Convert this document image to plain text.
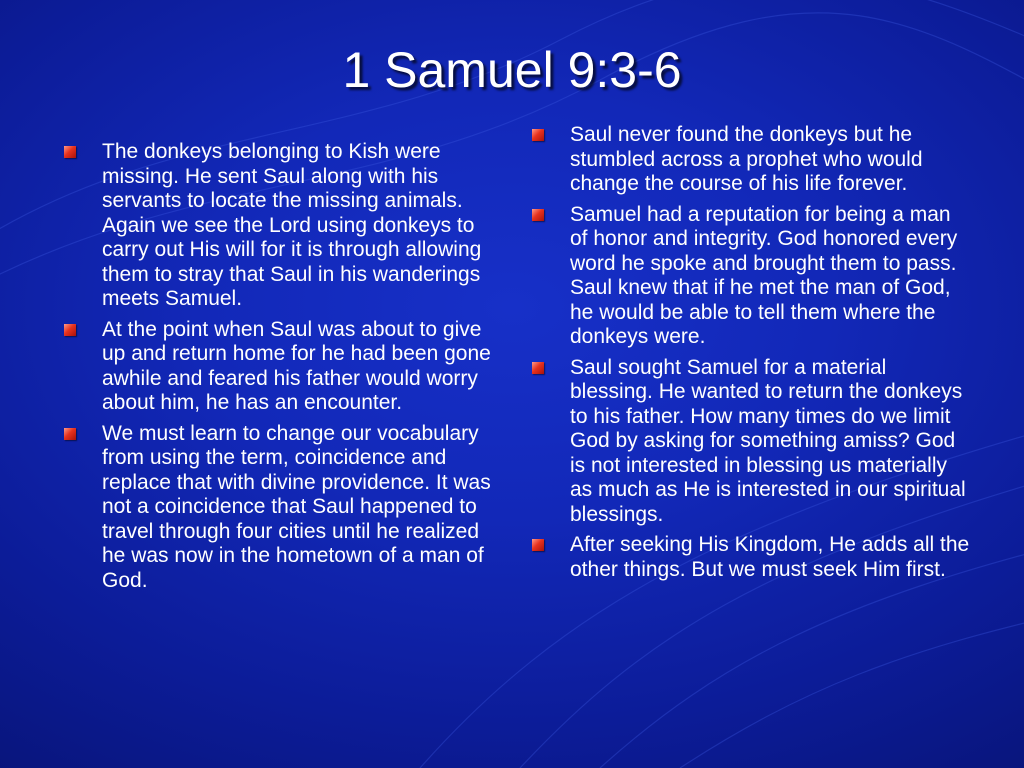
1 Samuel 9:3-6
The donkeys belonging to Kish were missing. He sent Saul along with his servants to locate the missing animals. Again we see the Lord using donkeys to carry out His will for it is through allowing them to stray that Saul in his wanderings meets Samuel.
At the point when Saul was about to give up and return home for he had been gone awhile and feared his father would worry about him, he has an encounter.
We must learn to change our vocabulary from using the term, coincidence and replace that with divine providence. It was not a coincidence that Saul happened to travel through four cities until he realized he was now in the hometown of a man of God.
Saul never found the donkeys but he stumbled across a prophet who would change the course of his life forever.
Samuel had a reputation for being a man of honor and integrity. God honored every word he spoke and brought them to pass. Saul knew that if he met the man of God, he would be able to tell them where the donkeys were.
Saul sought Samuel for a material blessing. He wanted to return the donkeys to his father. How many times do we limit God by asking for something amiss? God is not interested in blessing us materially as much as He is interested in our spiritual blessings.
After seeking His Kingdom, He adds all the other things. But we must seek Him first.
